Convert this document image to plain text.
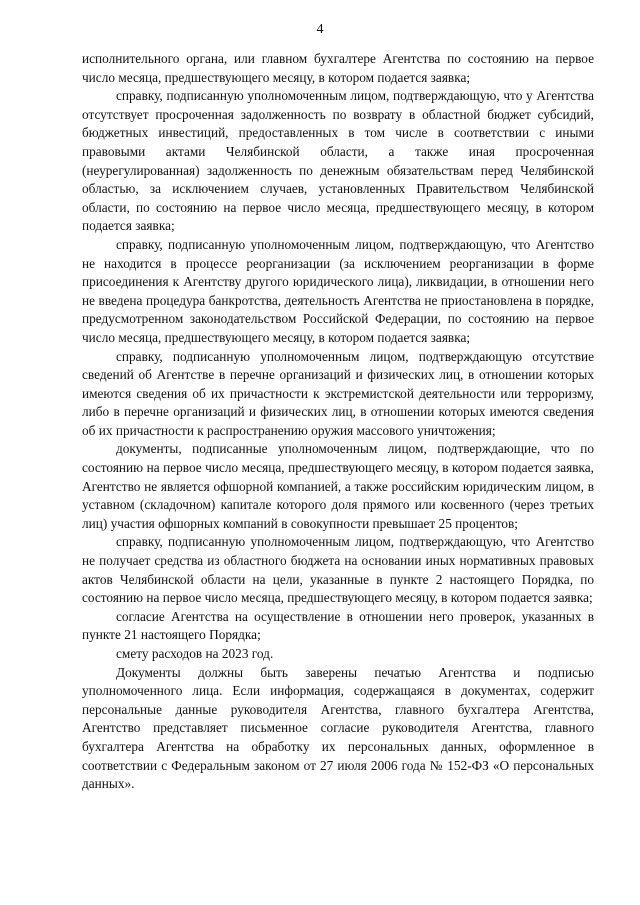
4

исполнительного органа, или главном бухгалтере Агентства по состоянию на первое число месяца, предшествующего месяцу, в котором подается заявка;

справку, подписанную уполномоченным лицом, подтверждающую, что у Агентства отсутствует просроченная задолженность по возврату в областной бюджет субсидий, бюджетных инвестиций, предоставленных в том числе в соответствии с иными правовыми актами Челябинской области, а также иная просроченная (неурегулированная) задолженность по денежным обязательствам перед Челябинской областью, за исключением случаев, установленных Правительством Челябинской области, по состоянию на первое число месяца, предшествующего месяцу, в котором подается заявка;

справку, подписанную уполномоченным лицом, подтверждающую, что Агентство не находится в процессе реорганизации (за исключением реорганизации в форме присоединения к Агентству другого юридического лица), ликвидации, в отношении него не введена процедура банкротства, деятельность Агентства не приостановлена в порядке, предусмотренном законодательством Российской Федерации, по состоянию на первое число месяца, предшествующего месяцу, в котором подается заявка;

справку, подписанную уполномоченным лицом, подтверждающую отсутствие сведений об Агентстве в перечне организаций и физических лиц, в отношении которых имеются сведения об их причастности к экстремистской деятельности или терроризму, либо в перечне организаций и физических лиц, в отношении которых имеются сведения об их причастности к распространению оружия массового уничтожения;

документы, подписанные уполномоченным лицом, подтверждающие, что по состоянию на первое число месяца, предшествующего месяцу, в котором подается заявка, Агентство не является офшорной компанией, а также российским юридическим лицом, в уставном (складочном) капитале которого доля прямого или косвенного (через третьих лиц) участия офшорных компаний в совокупности превышает 25 процентов;

справку, подписанную уполномоченным лицом, подтверждающую, что Агентство не получает средства из областного бюджета на основании иных нормативных правовых актов Челябинской области на цели, указанные в пункте 2 настоящего Порядка, по состоянию на первое число месяца, предшествующего месяцу, в котором подается заявка;

согласие Агентства на осуществление в отношении него проверок, указанных в пункте 21 настоящего Порядка;

смету расходов на 2023 год.

Документы должны быть заверены печатью Агентства и подписью уполномоченного лица. Если информация, содержащаяся в документах, содержит персональные данные руководителя Агентства, главного бухгалтера Агентства, Агентство представляет письменное согласие руководителя Агентства, главного бухгалтера Агентства на обработку их персональных данных, оформленное в соответствии с Федеральным законом от 27 июля 2006 года № 152-ФЗ «О персональных данных».
